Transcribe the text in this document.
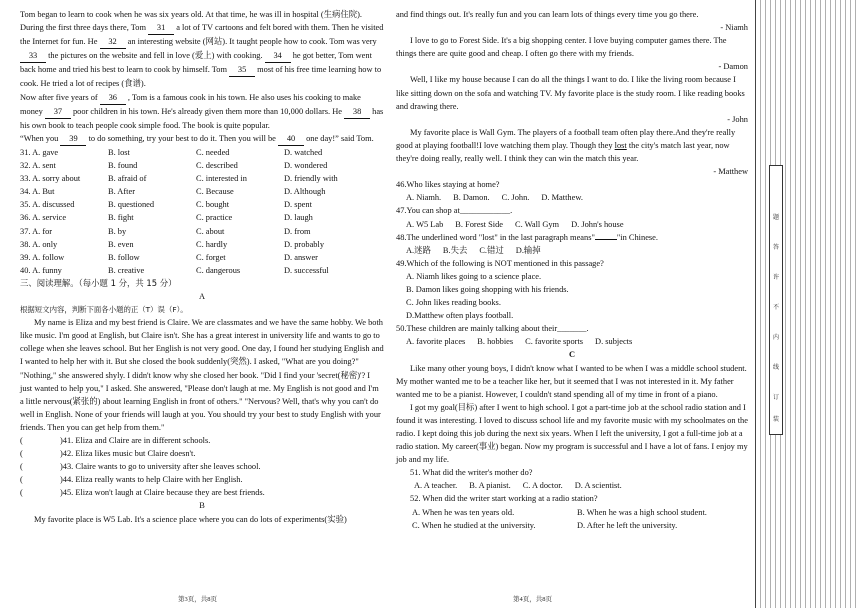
Tom began to learn to cook when he was six years old. At that time, he was ill in hospital (生病住院). During the first three days there, Tom 31 a lot of TV cartoons and felt bored with them. Then he visited the Internet for fun. He 32 an interesting website (网站). It taught people how to cook. Tom was very 33 the pictures on the website and fell in love (爱上) with cooking. 34 he got better, Tom went back home and tried his best to learn to cook by himself. Tom 35 most of his free time learning how to cook. He tried a lot of recipes (食谱).
Now after five years of 36 , Tom is a famous cook in his town. He also uses his cooking to make money 37 poor children in his town. He's already given them more than 10,000 dollars. He 38 has his own book to teach people cook simple food. The book is quite popular.
“When you 39 to do something, try your best to do it. Then you will be 40 one day!” said Tom.

31. A. gave	B. lost	C. needed	D. watched
32. A. sent	B. found	C. described	D. wondered
33. A. sorry about	B. afraid of	C. interested in	D. friendly with
34. A. But	B. After	C. Because	D. Although
35. A. discussed	B. questioned	C. bought	D. spent
36. A. service	B. fight	C. practice	D. laugh
37. A. for	B. by	C. about	D. from
38. A. only	B. even	C. hardly	D. probably
39. A. follow	B. follow	C. forget	D. answer
40. A. funny	B. creative	C. dangerous	D. successful

三、阅读理解。（每小题 1 分，共 15 分）

A

根据短文内容，判断下面各小题的正（T）误（F）。

My name is Eliza and my best friend is Claire. We are classmates and we have the same hobby. We both like music. I'm good at English, but Claire isn't. She has a great interest in university life and wants to go to college when she leaves school. But her English is not very good. One day, I found her studying English and I wanted to help her with it. But she closed the book suddenly(突然). I asked, "What are you doing?" "Nothing," she answered shyly. I didn't know why she closed her book. "Did I find your 'secret(秘密)'? I just wanted to help you," I asked. She answered, "Please don't laugh at me. My English is not good and I'm a little nervous(紧张的) about learning English in front of others." "Nervous? Well, that's why you can't do well in English. None of your friends will laugh at you. You should try your best to study English with your friends. Then you can get help from them."

(	)41. Eliza and Claire are in different schools.
(	)42. Eliza likes music but Claire doesn't.
(	)43. Claire wants to go to university after she leaves school.
(	)44. Eliza really wants to help Claire with her English.
(	)45. Eliza won't laugh at Claire because they are best friends.

B

My favorite place is W5 Lab. It's a science place where you can do lots of experiments(实验)

第3页，共8页

and find things out. It's really fun and you can learn lots of things every time you go there.

- Niamh

I love to go to Forest Side. It's a big shopping center. I love buying computer games there. The things there are quite good and cheap. I often go there with my friends.

- Damon

Well, I like my house because I can do all the things I want to do. I like the living room because I like sitting down on the sofa and watching TV. My favorite place is the study room. I like reading books and drawing there.

- John

My favorite place is Wall Gym. The players of a football team often play there.And they're really good at playing football!I love watching them play. Though they lost the city's match last year, now they're doing really, really well. I think they can win the match this year.

- Matthew

46.Who likes staying at home?

A. Niamh. B. Damon. C. John. D. Matthew.

47.You can shop at____________.

A. W5 Lab B. Forest Side C. Wall Gym D. John's house

48.The underlined word "lost" in the last paragraph means"	"in Chinese.

A.迷路 B.失去 C.错过 D.输掉

49.Which of the following is NOT mentioned in this passage?

A. Niamh likes going to a science place.

B. Damon likes going shopping with his friends.

C. John likes reading books.

D.Matthew often plays football.

50.These children are mainly talking about their_______.

A. favorite places B. hobbies C. favorite sports D. subjects

C

Like many other young boys, I didn't know what I wanted to be when I was a middle school student. My mother wanted me to be a teacher like her, but it seemed that I was not interested in it. My father wanted me to be a pianist. However, I couldn't stand spending all of my time in front of a piano.

I got my goal(目标) after I went to high school. I got a part-time job at the school radio station and I found it was interesting. I loved to discuss school life and my favorite music with my schoolmates on the radio. I kept doing this job during the next six years. When I left the university, I got a full-time job at a radio station. My career(事业) began. Now my program is successful and I have a lot of fans. I enjoy my job and my life.

51. What did the writer's mother do?

A. A teacher. B. A pianist. C. A doctor. D. A scientist.

52. When did the writer start working at a radio station?

A. When he was ten years old.	B. When he was a high school student.
C. When he studied at the university.	D. After he left the university.
第4页，共8页
题
答
许
不
内
线
订
装
